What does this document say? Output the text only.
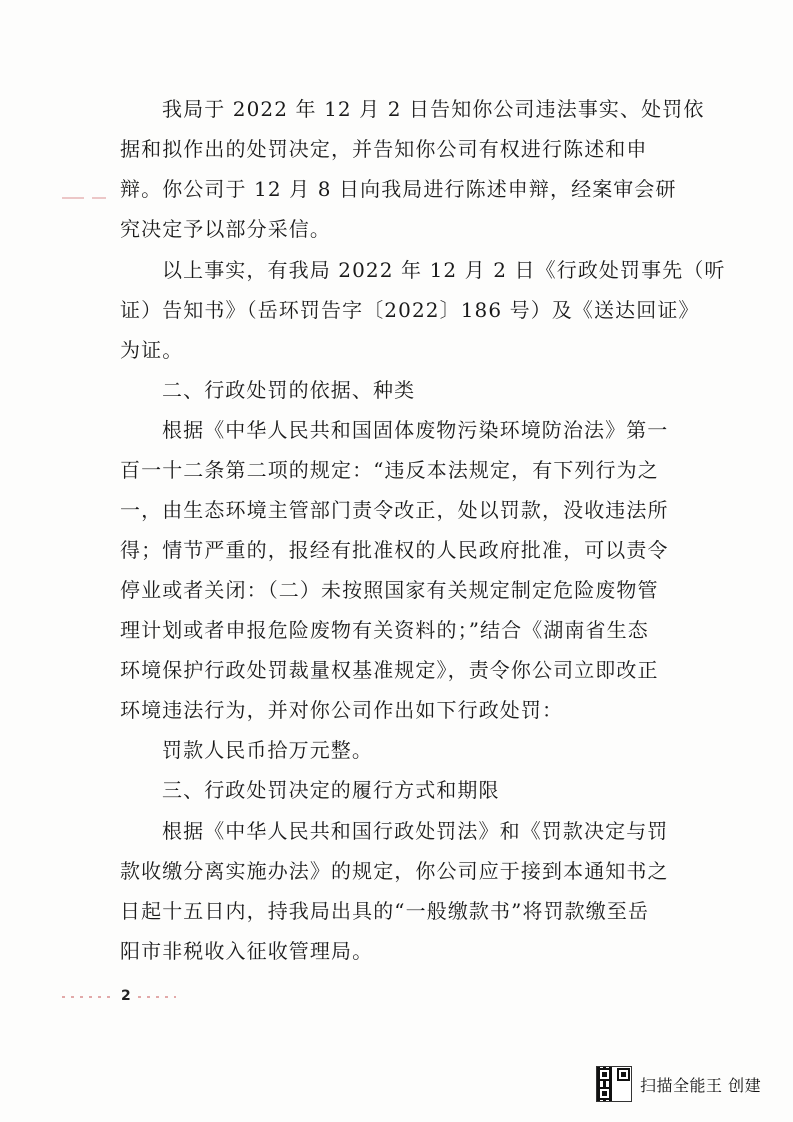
我局于 2022 年 12 月 2 日告知你公司违法事实、处罚依
据和拟作出的处罚决定，并告知你公司有权进行陈述和申
辩。你公司于 12 月 8 日向我局进行陈述申辩，经案审会研
究决定予以部分采信。
以上事实，有我局 2022 年 12 月 2 日《行政处罚事先（听
证）告知书》（岳环罚告字〔2022〕186 号）及《送达回证》
为证。
二、行政处罚的依据、种类
根据《中华人民共和国固体废物污染环境防治法》第一
百一十二条第二项的规定：“违反本法规定，有下列行为之
一，由生态环境主管部门责令改正，处以罚款，没收违法所
得；情节严重的，报经有批准权的人民政府批准，可以责令
停业或者关闭：（二）未按照国家有关规定制定危险废物管
理计划或者申报危险废物有关资料的；”结合《湖南省生态
环境保护行政处罚裁量权基准规定》，责令你公司立即改正
环境违法行为，并对你公司作出如下行政处罚：
罚款人民币拾万元整。
三、行政处罚决定的履行方式和期限
根据《中华人民共和国行政处罚法》和《罚款决定与罚
款收缴分离实施办法》的规定，你公司应于接到本通知书之
日起十五日内，持我局出具的“一般缴款书”将罚款缴至岳
阳市非税收入征收管理局。
2
扫描全能王 创建
